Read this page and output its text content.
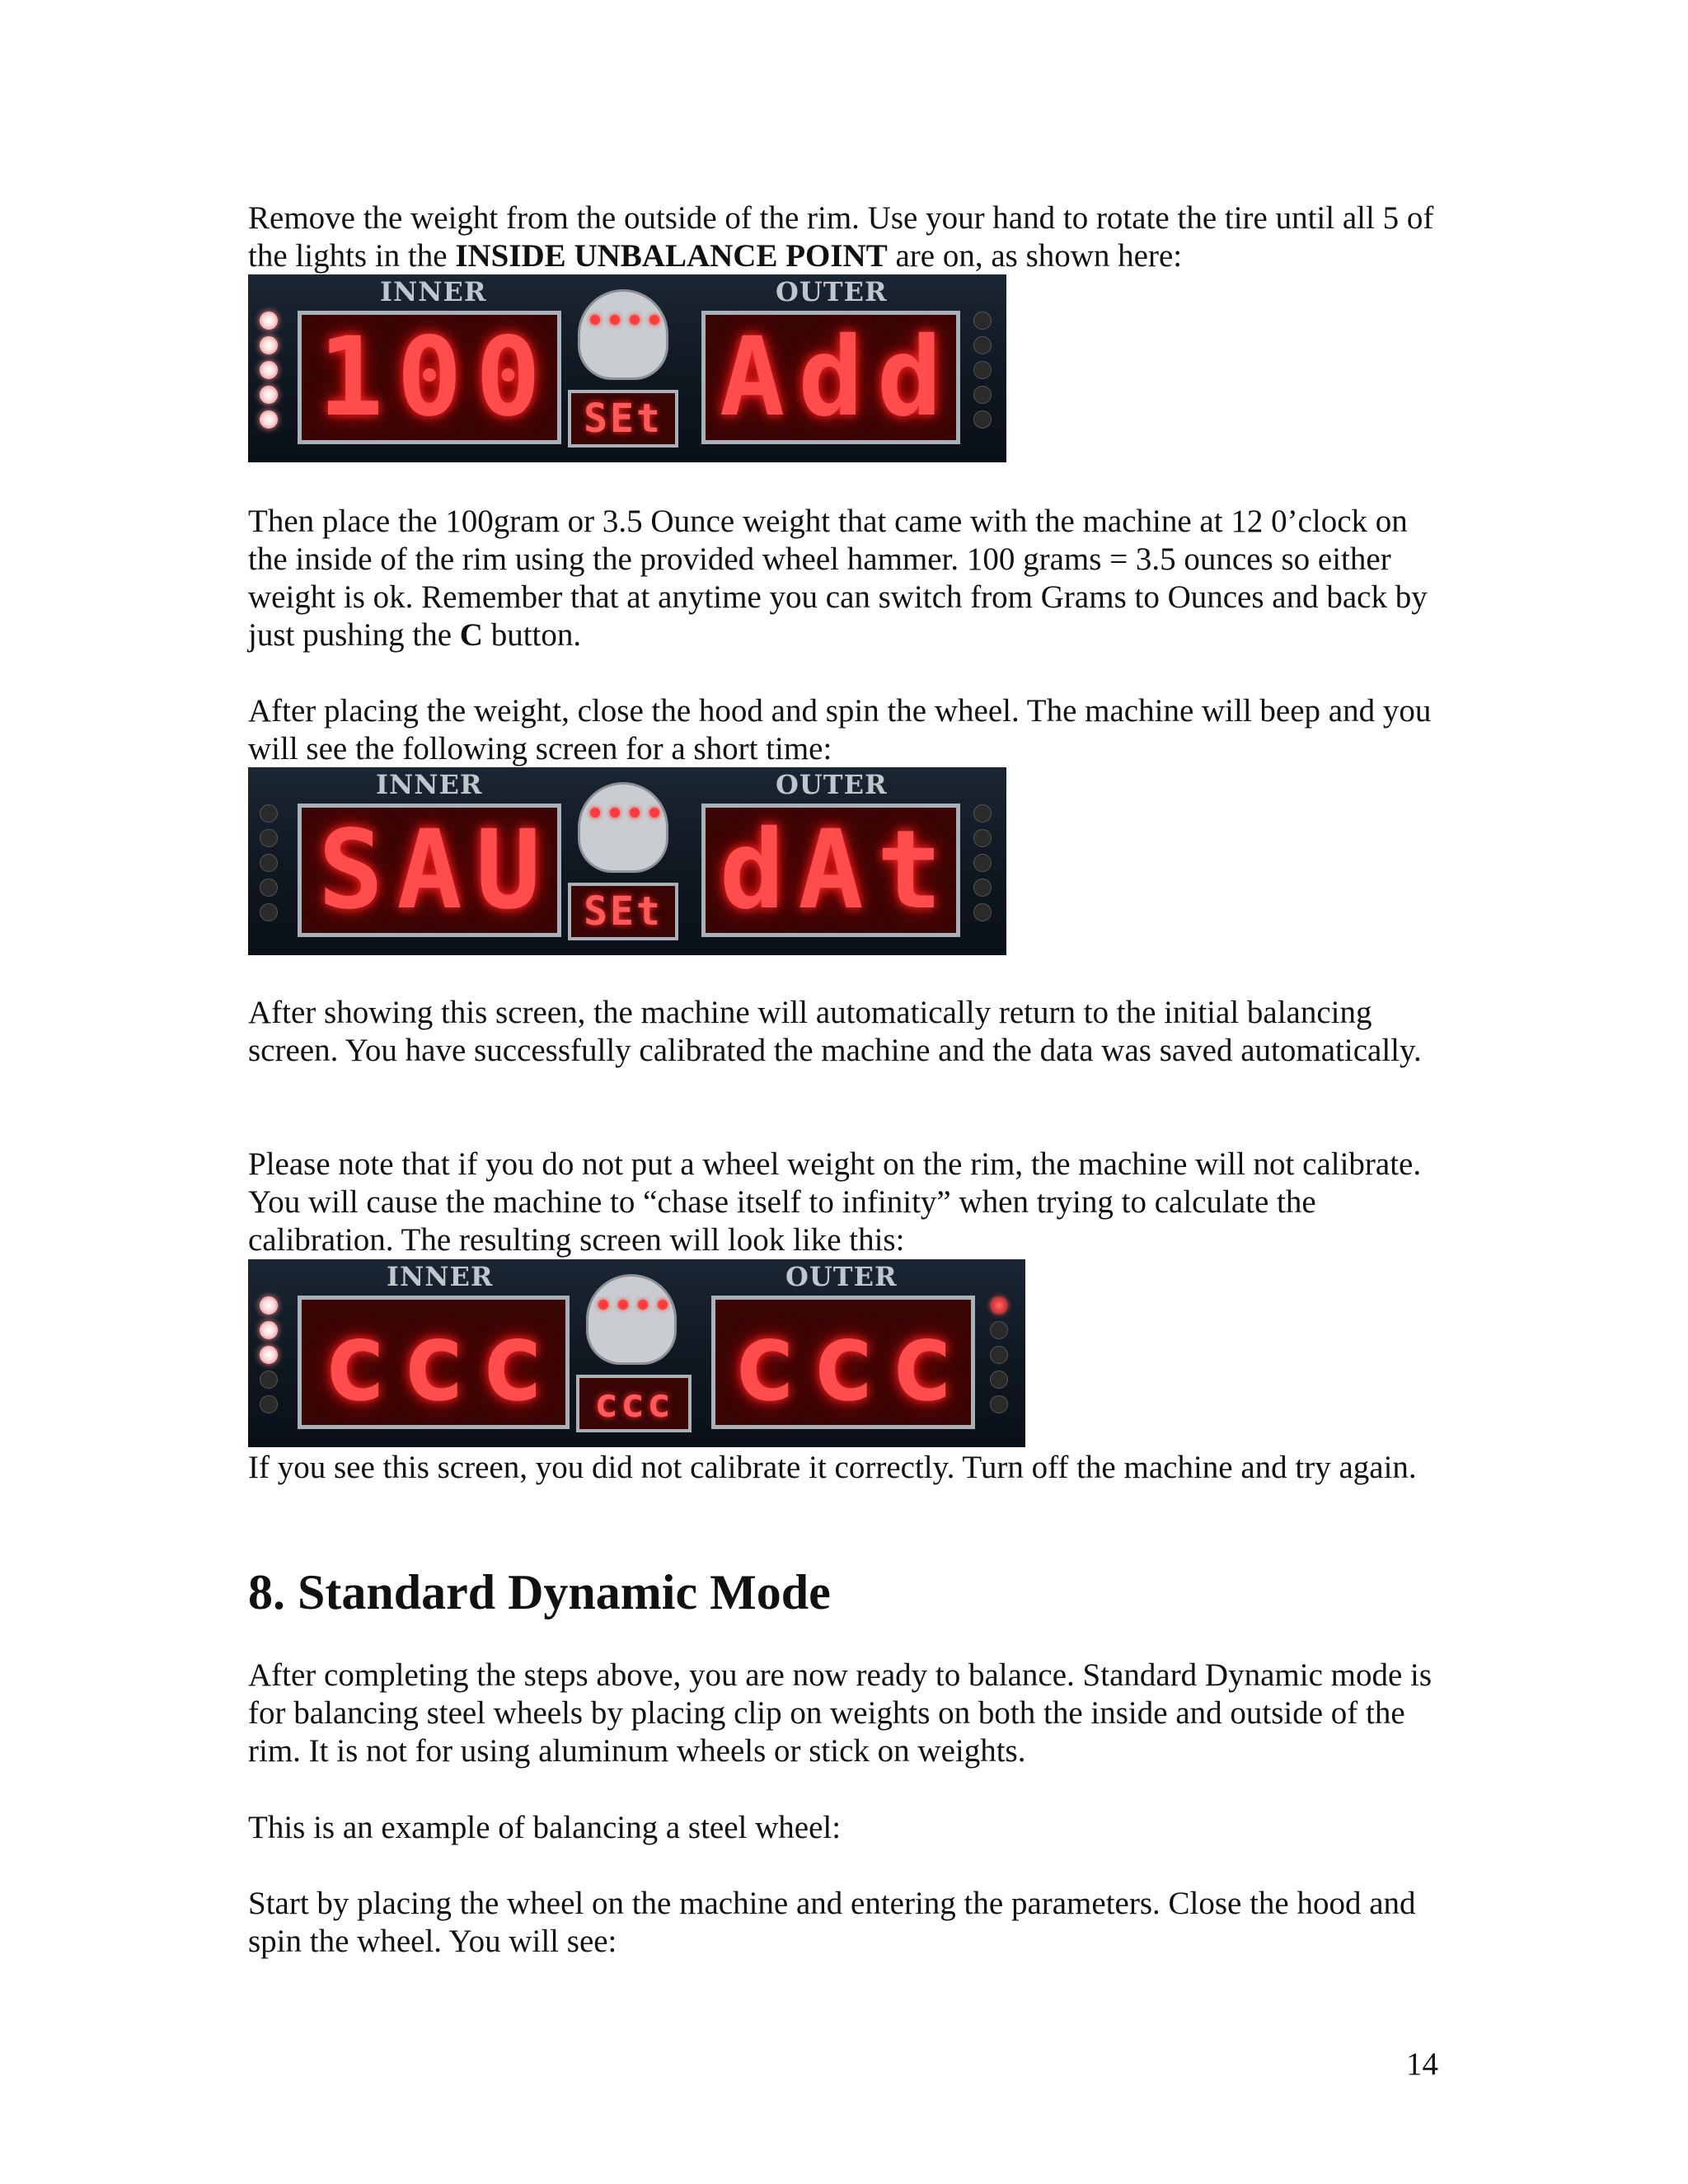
Remove the weight from the outside of the rim. Use your hand to rotate the tire until all 5 of the lights in the INSIDE UNBALANCE POINT are on, as shown here:

INNER	OUTER
100 SEt Add

Then place the 100gram or 3.5 Ounce weight that came with the machine at 12 0’clock on the inside of the rim using the provided wheel hammer. 100 grams = 3.5 ounces so either weight is ok. Remember that at anytime you can switch from Grams to Ounces and back by just pushing the C button.

After placing the weight, close the hood and spin the wheel. The machine will beep and you will see the following screen for a short time:

INNER	OUTER
SAU SEt dAt

After showing this screen, the machine will automatically return to the initial balancing screen. You have successfully calibrated the machine and the data was saved automatically.

Please note that if you do not put a wheel weight on the rim, the machine will not calibrate. You will cause the machine to “chase itself to infinity” when trying to calculate the calibration. The resulting screen will look like this:

INNER	OUTER
ccc ccc ccc

If you see this screen, you did not calibrate it correctly. Turn off the machine and try again.

8. Standard Dynamic Mode

After completing the steps above, you are now ready to balance. Standard Dynamic mode is for balancing steel wheels by placing clip on weights on both the inside and outside of the rim. It is not for using aluminum wheels or stick on weights.

This is an example of balancing a steel wheel:

Start by placing the wheel on the machine and entering the parameters. Close the hood and spin the wheel. You will see:

14
